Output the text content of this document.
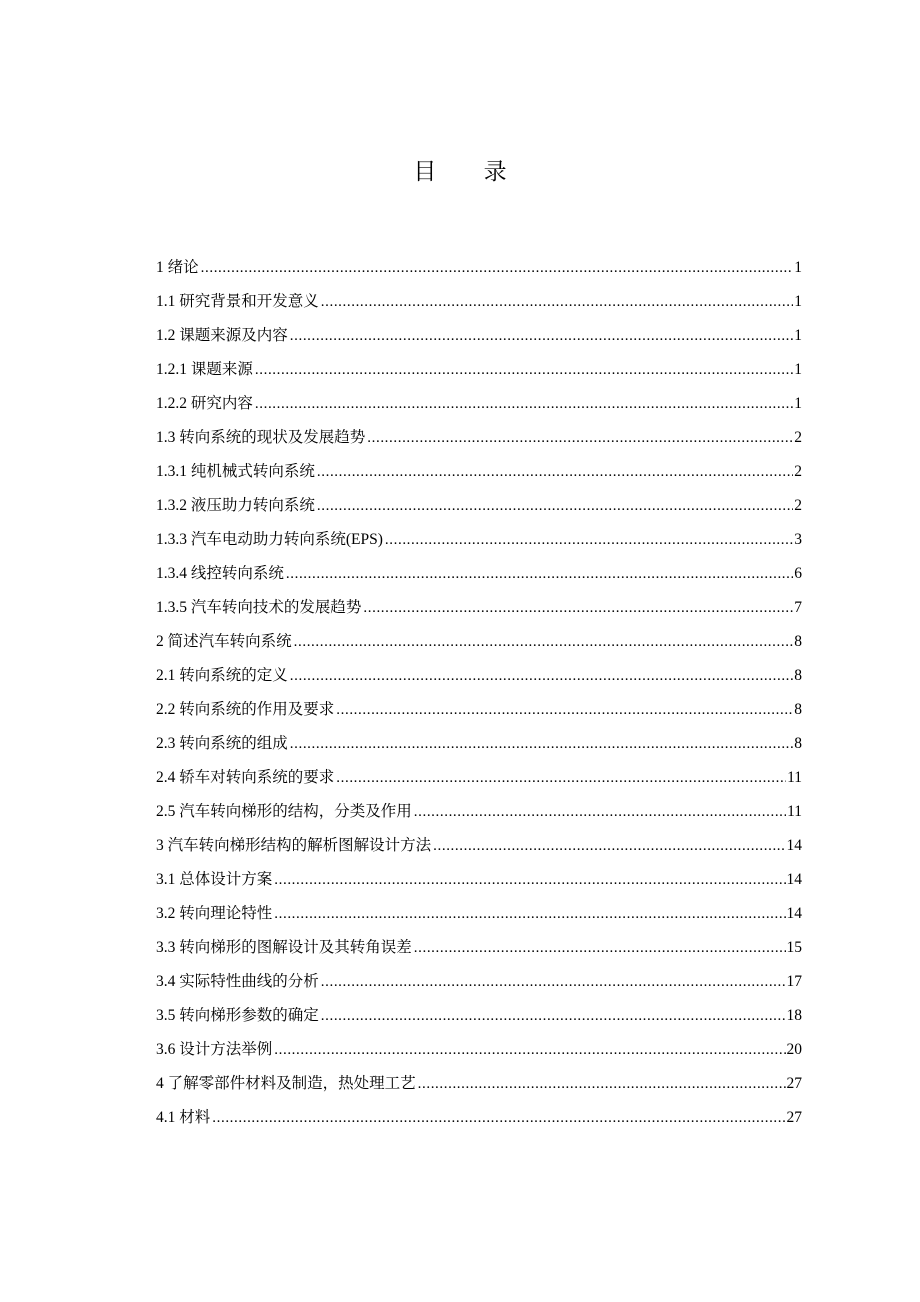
目 录
1 绪论 .....	1
1.1 研究背景和开发意义 .....	1
1.2 课题来源及内容 .....	1
1.2.1 课题来源 .....	1
1.2.2 研究内容 .....	1
1.3 转向系统的现状及发展趋势 .....	2
1.3.1 纯机械式转向系统 .....	2
1.3.2 液压助力转向系统 .....	2
1.3.3 汽车电动助力转向系统(EPS) .....	3
1.3.4 线控转向系统 .....	6
1.3.5 汽车转向技术的发展趋势 .....	7
2 简述汽车转向系统 .....	8
2.1 转向系统的定义 .....	8
2.2 转向系统的作用及要求 .....	8
2.3 转向系统的组成 .....	8
2.4 轿车对转向系统的要求 .....	11
2.5 汽车转向梯形的结构，分类及作用 .....	11
3 汽车转向梯形结构的解析图解设计方法 .....	14
3.1 总体设计方案 .....	14
3.2 转向理论特性 .....	14
3.3 转向梯形的图解设计及其转角误差 .....	15
3.4 实际特性曲线的分析 .....	17
3.5 转向梯形参数的确定 .....	18
3.6 设计方法举例 .....	20
4 了解零部件材料及制造，热处理工艺 .....	27
4.1 材料 .....	27
